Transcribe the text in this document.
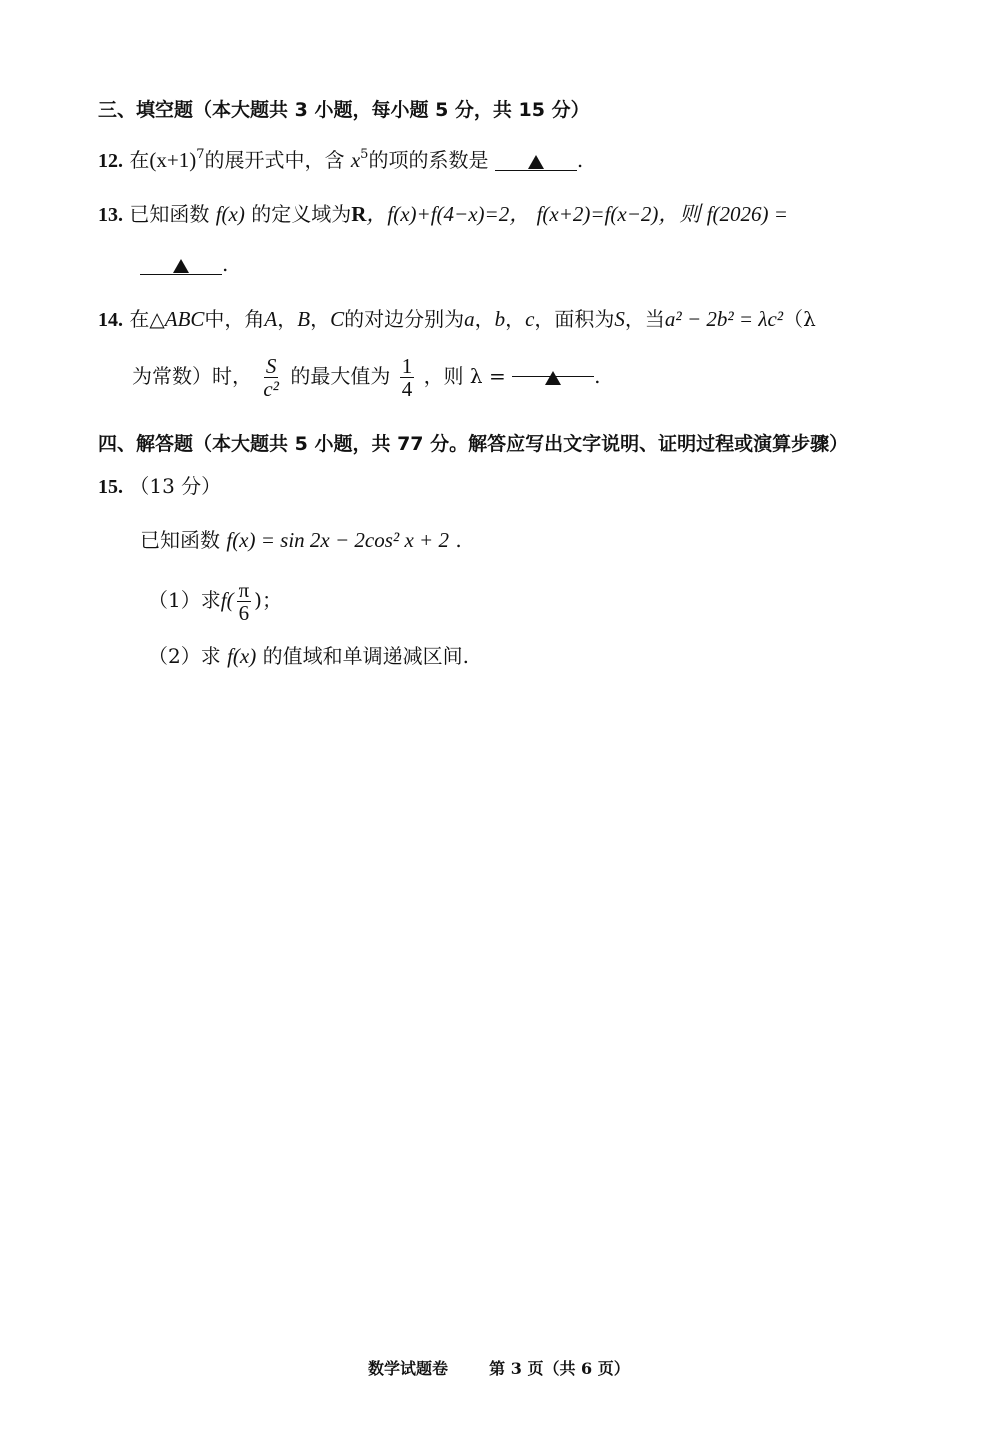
三、填空题（本大题共 3 小题，每小题 5 分，共 15 分）
12. 在$(x+1)^7$的展开式中，含 $x^5$的项的系数是	.
13. 已知函数 f(x) 的定义域为R，f(x)+f(4−x)=2， f(x+2)=f(x−2)，则 f(2026) =
.
14. 在△ABC中，角A，B，C的对边分别为a，b，c，面积为S，当a² − 2b² = λc²（λ
为常数）时， $\frac{S}{\text{c²}}$ 的最大值为 $\frac{1}{4}$ ，则 λ =	.
四、解答题（本大题共 5 小题，共 77 分。解答应写出文字说明、证明过程或演算步骤）
15. （13 分）
已知函数 f(x) = sin 2x − 2cos² x + 2 .
（1）求$f( \frac{\pi}{6}$ )；
（2）求 f(x) 的值域和单调递减区间.
数学试题卷	第 3 页（共 6 页）
